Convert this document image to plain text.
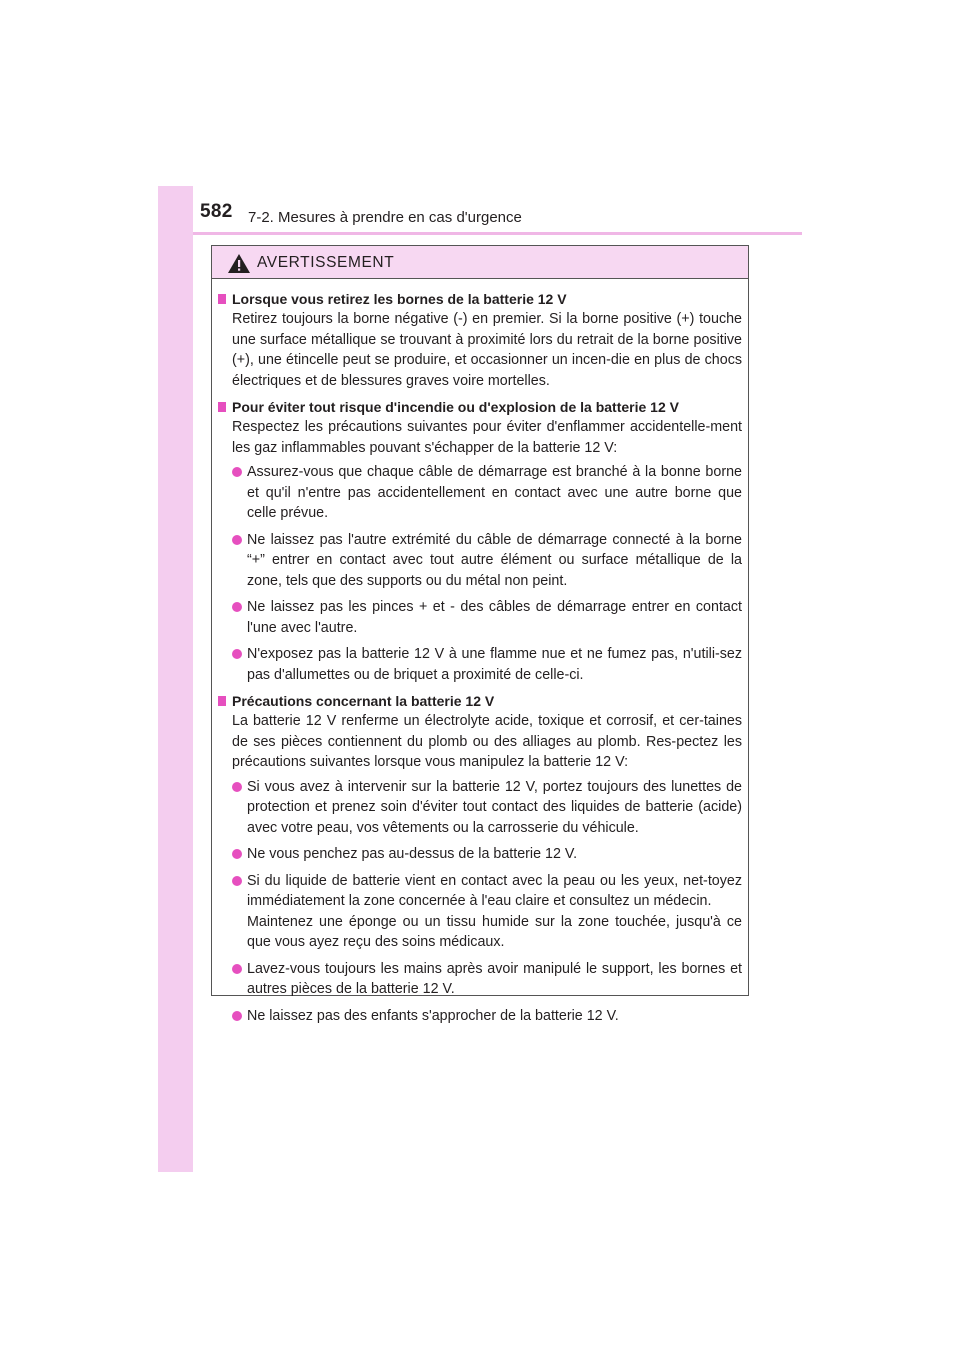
582 7-2. Mesures à prendre en cas d'urgence
AVERTISSEMENT
Lorsque vous retirez les bornes de la batterie 12 V
Retirez toujours la borne négative (-) en premier. Si la borne positive (+) touche une surface métallique se trouvant à proximité lors du retrait de la borne positive (+), une étincelle peut se produire, et occasionner un incen-die en plus de chocs électriques et de blessures graves voire mortelles.
Pour éviter tout risque d'incendie ou d'explosion de la batterie 12 V
Respectez les précautions suivantes pour éviter d'enflammer accidentelle-ment les gaz inflammables pouvant s'échapper de la batterie 12 V:
Assurez-vous que chaque câble de démarrage est branché à la bonne borne et qu'il n'entre pas accidentellement en contact avec une autre borne que celle prévue.
Ne laissez pas l'autre extrémité du câble de démarrage connecté à la borne “+” entrer en contact avec tout autre élément ou surface métallique de la zone, tels que des supports ou du métal non peint.
Ne laissez pas les pinces + et - des câbles de démarrage entrer en contact l'une avec l'autre.
N'exposez pas la batterie 12 V à une flamme nue et ne fumez pas, n'utili-sez pas d'allumettes ou de briquet a proximité de celle-ci.
Précautions concernant la batterie 12 V
La batterie 12 V renferme un électrolyte acide, toxique et corrosif, et cer-taines de ses pièces contiennent du plomb ou des alliages au plomb. Res-pectez les précautions suivantes lorsque vous manipulez la batterie 12 V:
Si vous avez à intervenir sur la batterie 12 V, portez toujours des lunettes de protection et prenez soin d'éviter tout contact des liquides de batterie (acide) avec votre peau, vos vêtements ou la carrosserie du véhicule.
Ne vous penchez pas au-dessus de la batterie 12 V.
Si du liquide de batterie vient en contact avec la peau ou les yeux, net-toyez immédiatement la zone concernée à l'eau claire et consultez un médecin.
Maintenez une éponge ou un tissu humide sur la zone touchée, jusqu'à ce que vous ayez reçu des soins médicaux.
Lavez-vous toujours les mains après avoir manipulé le support, les bornes et autres pièces de la batterie 12 V.
Ne laissez pas des enfants s'approcher de la batterie 12 V.
